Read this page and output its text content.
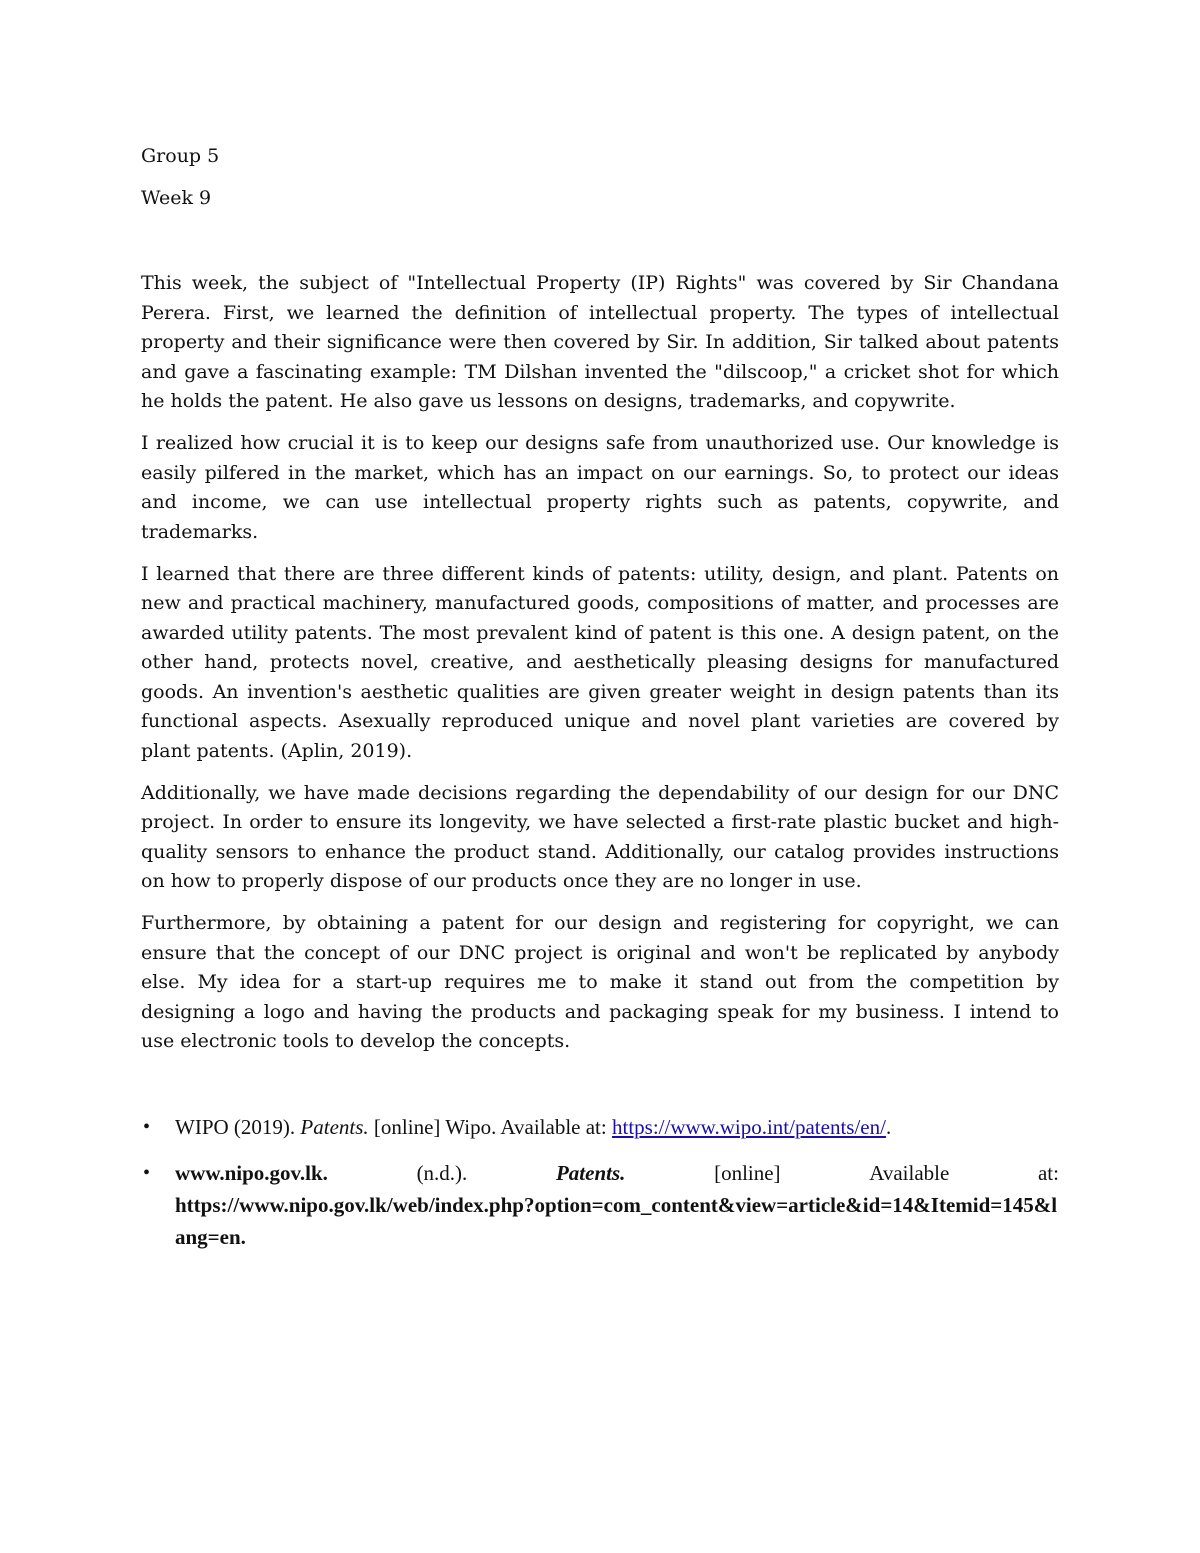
Group 5

Week 9

This week, the subject of "Intellectual Property (IP) Rights" was covered by Sir Chandana Perera. First, we learned the definition of intellectual property. The types of intellectual property and their significance were then covered by Sir. In addition, Sir talked about patents and gave a fascinating example: TM Dilshan invented the "dilscoop," a cricket shot for which he holds the patent. He also gave us lessons on designs, trademarks, and copywrite.

I realized how crucial it is to keep our designs safe from unauthorized use. Our knowledge is easily pilfered in the market, which has an impact on our earnings. So, to protect our ideas and income, we can use intellectual property rights such as patents, copywrite, and trademarks.

I learned that there are three different kinds of patents: utility, design, and plant. Patents on new and practical machinery, manufactured goods, compositions of matter, and processes are awarded utility patents. The most prevalent kind of patent is this one. A design patent, on the other hand, protects novel, creative, and aesthetically pleasing designs for manufactured goods. An invention's aesthetic qualities are given greater weight in design patents than its functional aspects. Asexually reproduced unique and novel plant varieties are covered by plant patents. (Aplin, 2019).

Additionally, we have made decisions regarding the dependability of our design for our DNC project. In order to ensure its longevity, we have selected a first-rate plastic bucket and high-quality sensors to enhance the product stand. Additionally, our catalog provides instructions on how to properly dispose of our products once they are no longer in use.

Furthermore, by obtaining a patent for our design and registering for copyright, we can ensure that the concept of our DNC project is original and won't be replicated by anybody else. My idea for a start-up requires me to make it stand out from the competition by designing a logo and having the products and packaging speak for my business. I intend to use electronic tools to develop the concepts.

• WIPO (2019). Patents. [online] Wipo. Available at: https://www.wipo.int/patents/en/.
• www.nipo.gov.lk.	(n.d.).	Patents.	[online]	Available	at:
https://www.nipo.gov.lk/web/index.php?option=com_content&view=article&id=14&Itemid=145&lang=en.
